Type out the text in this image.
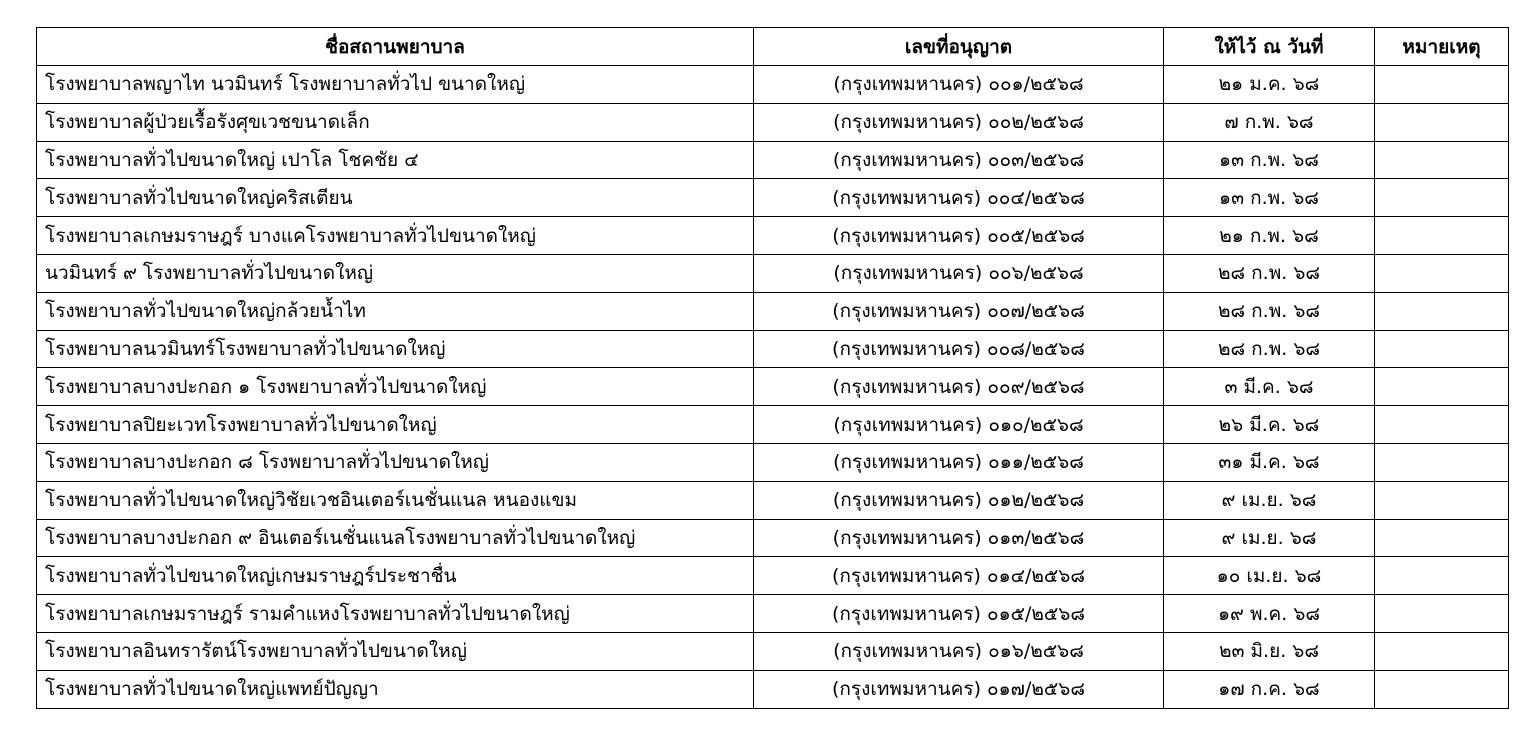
ชื่อสถานพยาบาล	เลขที่อนุญาต	ให้ไว้ ณ วันที่	หมายเหตุ
โรงพยาบาลพญาไท นวมินทร์ โรงพยาบาลทั่วไป ขนาดใหญ่	(กรุงเทพมหานคร) ๐๐๑/๒๕๖๘	๒๑ ม.ค. ๖๘	
โรงพยาบาลผู้ป่วยเรื้อรังศุขเวชขนาดเล็ก	(กรุงเทพมหานคร) ๐๐๒/๒๕๖๘	๗ ก.พ. ๖๘	
โรงพยาบาลทั่วไปขนาดใหญ่ เปาโล โชคชัย ๔	(กรุงเทพมหานคร) ๐๐๓/๒๕๖๘	๑๓ ก.พ. ๖๘	
โรงพยาบาลทั่วไปขนาดใหญ่คริสเตียน	(กรุงเทพมหานคร) ๐๐๔/๒๕๖๘	๑๓ ก.พ. ๖๘	
โรงพยาบาลเกษมราษฎร์ บางแคโรงพยาบาลทั่วไปขนาดใหญ่	(กรุงเทพมหานคร) ๐๐๕/๒๕๖๘	๒๑ ก.พ. ๖๘	
นวมินทร์ ๙ โรงพยาบาลทั่วไปขนาดใหญ่	(กรุงเทพมหานคร) ๐๐๖/๒๕๖๘	๒๘ ก.พ. ๖๘	
โรงพยาบาลทั่วไปขนาดใหญ่กล้วยน้ำไท	(กรุงเทพมหานคร) ๐๐๗/๒๕๖๘	๒๘ ก.พ. ๖๘	
โรงพยาบาลนวมินทร์โรงพยาบาลทั่วไปขนาดใหญ่	(กรุงเทพมหานคร) ๐๐๘/๒๕๖๘	๒๘ ก.พ. ๖๘	
โรงพยาบาลบางปะกอก ๑ โรงพยาบาลทั่วไปขนาดใหญ่	(กรุงเทพมหานคร) ๐๐๙/๒๕๖๘	๓ มี.ค. ๖๘	
โรงพยาบาลปิยะเวทโรงพยาบาลทั่วไปขนาดใหญ่	(กรุงเทพมหานคร) ๐๑๐/๒๕๖๘	๒๖ มี.ค. ๖๘	
โรงพยาบาลบางปะกอก ๘ โรงพยาบาลทั่วไปขนาดใหญ่	(กรุงเทพมหานคร) ๐๑๑/๒๕๖๘	๓๑ มี.ค. ๖๘	
โรงพยาบาลทั่วไปขนาดใหญ่วิชัยเวชอินเตอร์เนชั่นแนล หนองแขม	(กรุงเทพมหานคร) ๐๑๒/๒๕๖๘	๙ เม.ย. ๖๘	
โรงพยาบาลบางปะกอก ๙ อินเตอร์เนชั่นแนลโรงพยาบาลทั่วไปขนาดใหญ่	(กรุงเทพมหานคร) ๐๑๓/๒๕๖๘	๙ เม.ย. ๖๘	
โรงพยาบาลทั่วไปขนาดใหญ่เกษมราษฎร์ประชาชื่น	(กรุงเทพมหานคร) ๐๑๔/๒๕๖๘	๑๐ เม.ย. ๖๘	
โรงพยาบาลเกษมราษฎร์ รามคำแหงโรงพยาบาลทั่วไปขนาดใหญ่	(กรุงเทพมหานคร) ๐๑๕/๒๕๖๘	๑๙ พ.ค. ๖๘	
โรงพยาบาลอินทรารัตน์โรงพยาบาลทั่วไปขนาดใหญ่	(กรุงเทพมหานคร) ๐๑๖/๒๕๖๘	๒๓ มิ.ย. ๖๘	
โรงพยาบาลทั่วไปขนาดใหญ่แพทย์ปัญญา	(กรุงเทพมหานคร) ๐๑๗/๒๕๖๘	๑๗ ก.ค. ๖๘	
